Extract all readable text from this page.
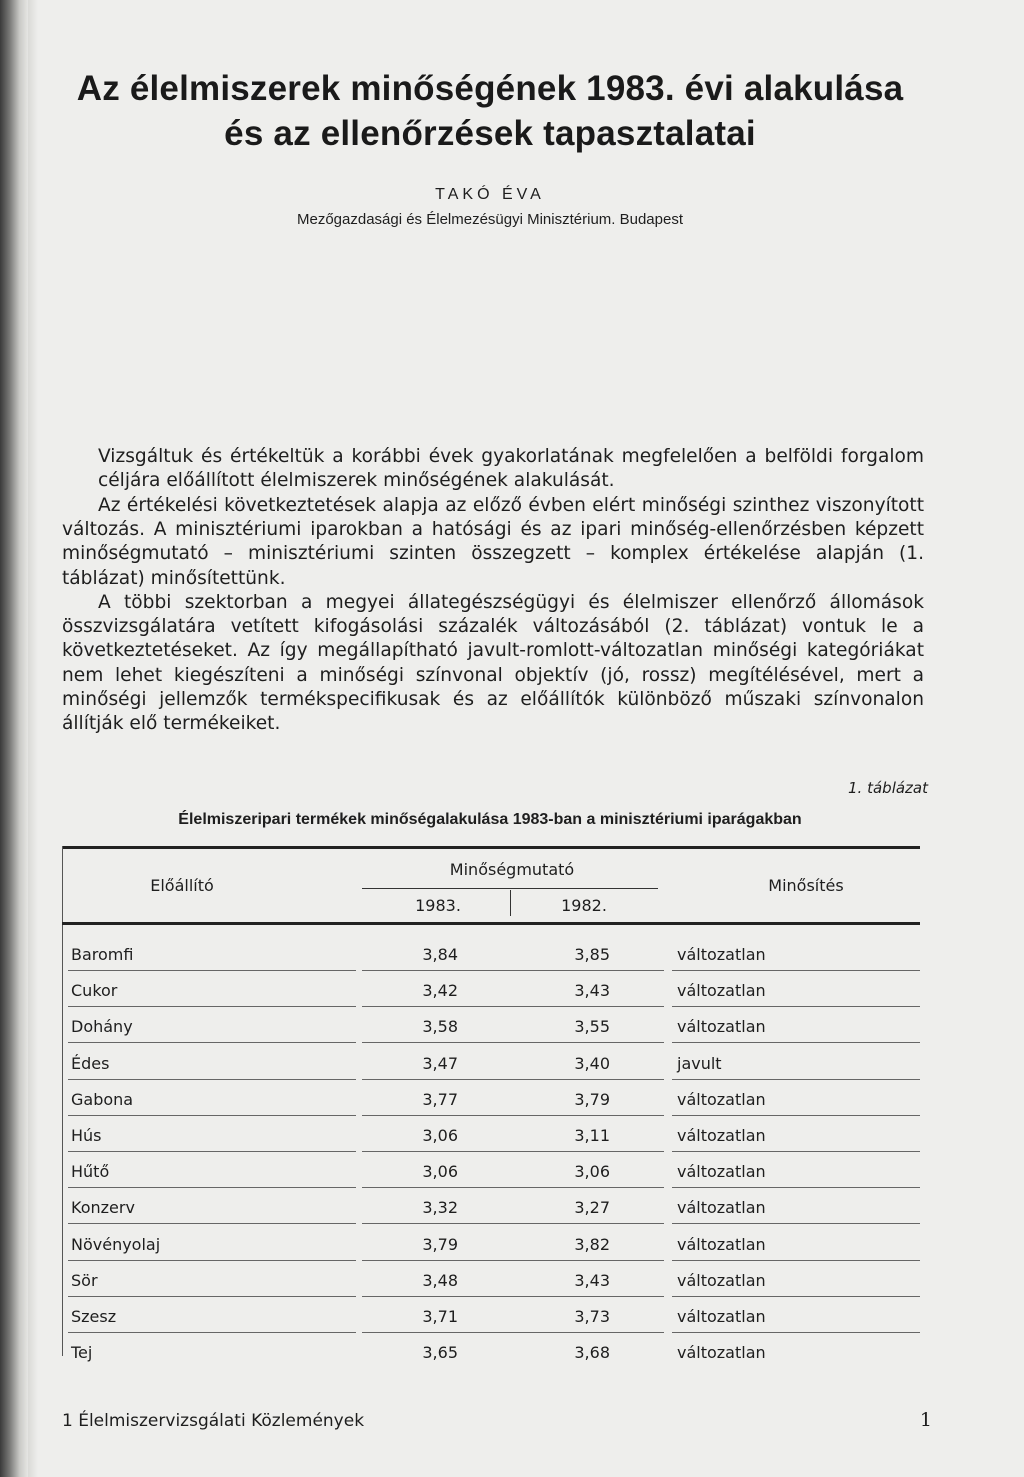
Az élelmiszerek minőségének 1983. évi alakulása
és az ellenőrzések tapasztalatai
TAKÓ ÉVA
Mezőgazdasági és Élelmezésügyi Minisztérium. Budapest

Vizsgáltuk és értékeltük a korábbi évek gyakorlatának megfelelően a belföldi forgalom céljára előállított élelmiszerek minőségének alakulását.

Az értékelési következtetések alapja az előző évben elért minőségi szinthez viszonyított változás. A minisztériumi iparokban a hatósági és az ipari minőség-ellenőrzésben képzett minőségmutató – minisztériumi szinten összegzett – komplex értékelése alapján (1. táblázat) minősítettünk.

A többi szektorban a megyei állategészségügyi és élelmiszer ellenőrző állomások összvizsgálatára vetített kifogásolási százalék változásából (2. táblázat) vontuk le a következtetéseket. Az így megállapítható javult-romlott-változatlan minőségi kategóriákat nem lehet kiegészíteni a minőségi színvonal objektív (jó, rossz) megítélésével, mert a minőségi jellemzők termékspecifikusak és az előállítók különböző műszaki színvonalon állítják elő termékeiket.

1. táblázat
Élelmiszeripari termékek minőségalakulása 1983-ban a minisztériumi iparágakban
Előállító
Minőségmutató
1983.	1982.
Minősítés
Baromfi	3,84	3,85	változatlan
Cukor	3,42	3,43	változatlan
Dohány	3,58	3,55	változatlan
Édes	3,47	3,40	javult
Gabona	3,77	3,79	változatlan
Hús	3,06	3,11	változatlan
Hűtő	3,06	3,06	változatlan
Konzerv	3,32	3,27	változatlan
Növényolaj	3,79	3,82	változatlan
Sör	3,48	3,43	változatlan
Szesz	3,71	3,73	változatlan
Tej	3,65	3,68	változatlan
1 Élelmiszervizsgálati Közlemények	1
